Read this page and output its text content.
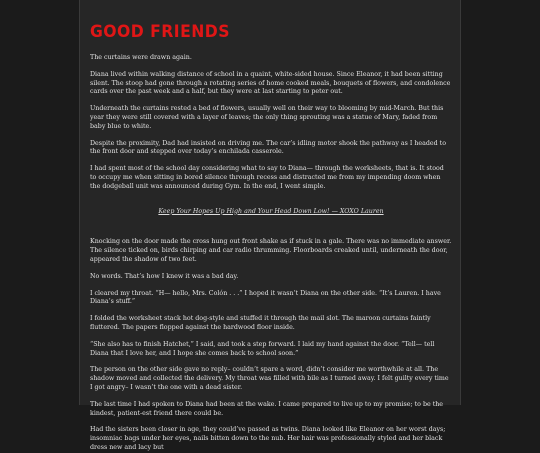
GOOD FRIENDS

The curtains were drawn again.

Diana lived within walking distance of school in a quaint, white-sided house. Since Eleanor, it had been sitting silent. The stoop had gone through a rotating series of home cooked meals, bouquets of flowers, and condolence cards over the past week and a half, but they were at last starting to peter out.

Underneath the curtains rested a bed of flowers, usually well on their way to blooming by mid-March. But this year they were still covered with a layer of leaves; the only thing sprouting was a statue of Mary, faded from baby blue to white.

Despite the proximity, Dad had insisted on driving me. The car’s idling motor shook the pathway as I headed to the front door and stepped over today’s enchilada casserole.

I had spent most of the school day considering what to say to Diana— through the worksheets, that is. It stood to occupy me when sitting in bored silence through recess and distracted me from my impending doom when the dodgeball unit was announced during Gym. In the end, I went simple.

Keep Your Hopes Up High and Your Head Down Low! — XOXO Lauren

Knocking on the door made the cross hung out front shake as if stuck in a gale. There was no immediate answer. The silence ticked on, birds chirping and car radio thrumming. Floorboards creaked until, underneath the door, appeared the shadow of two feet.

No words. That’s how I knew it was a bad day.

I cleared my throat. “H— hello, Mrs. Colón . . .” I hoped it wasn’t Diana on the other side. “It’s Lauren. I have Diana’s stuff.”

I folded the worksheet stack hot dog-style and stuffed it through the mail slot. The maroon curtains faintly fluttered. The papers flopped against the hardwood floor inside.

“She also has to finish Hatchet,” I said, and took a step forward. I laid my hand against the door. “Tell— tell Diana that I love her, and I hope she comes back to school soon.”

The person on the other side gave no reply– couldn’t spare a word, didn’t consider me worthwhile at all. The shadow moved and collected the delivery. My throat was filled with bile as I turned away. I felt guilty every time I got angry– I wasn’t the one with a dead sister.

The last time I had spoken to Diana had been at the wake. I came prepared to live up to my promise; to be the kindest, patient-est friend there could be.

Had the sisters been closer in age, they could’ve passed as twins. Diana looked like Eleanor on her worst days; insomniac bags under her eyes, nails bitten down to the nub. Her hair was professionally styled and her black dress new and lacy but
